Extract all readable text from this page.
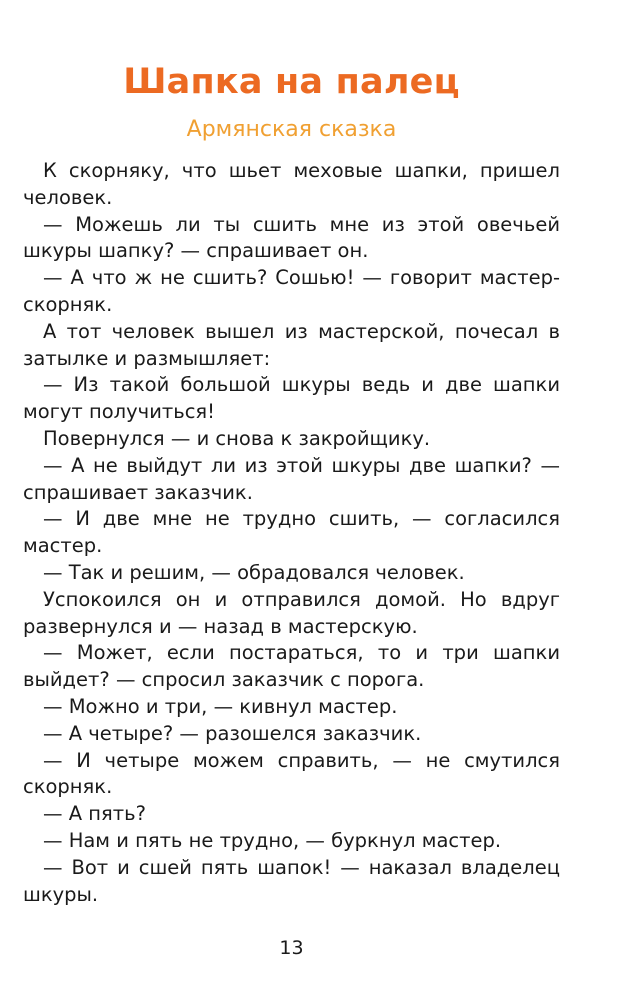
Шапка на палец
Армянская сказка

К скорняку, что шьет меховые шапки, пришел человек.

— Можешь ли ты сшить мне из этой овечьей шкуры шапку? — спрашивает он.

— А что ж не сшить? Сошью! — говорит мастер-скорняк.

А тот человек вышел из мастерской, почесал в затылке и размышляет:

— Из такой большой шкуры ведь и две шапки могут получиться!

Повернулся — и снова к закройщику.

— А не выйдут ли из этой шкуры две шапки? — спрашивает заказчик.

— И две мне не трудно сшить, — согласился мастер.

— Так и решим, — обрадовался человек.

Успокоился он и отправился домой. Но вдруг развернулся и — назад в мастерскую.

— Может, если постараться, то и три шапки выйдет? — спросил заказчик с порога.

— Можно и три, — кивнул мастер.

— А четыре? — разошелся заказчик.

— И четыре можем справить, — не смутился скорняк.

— А пять?

— Нам и пять не трудно, — буркнул мастер.

— Вот и сшей пять шапок! — наказал владелец шкуры.

13
